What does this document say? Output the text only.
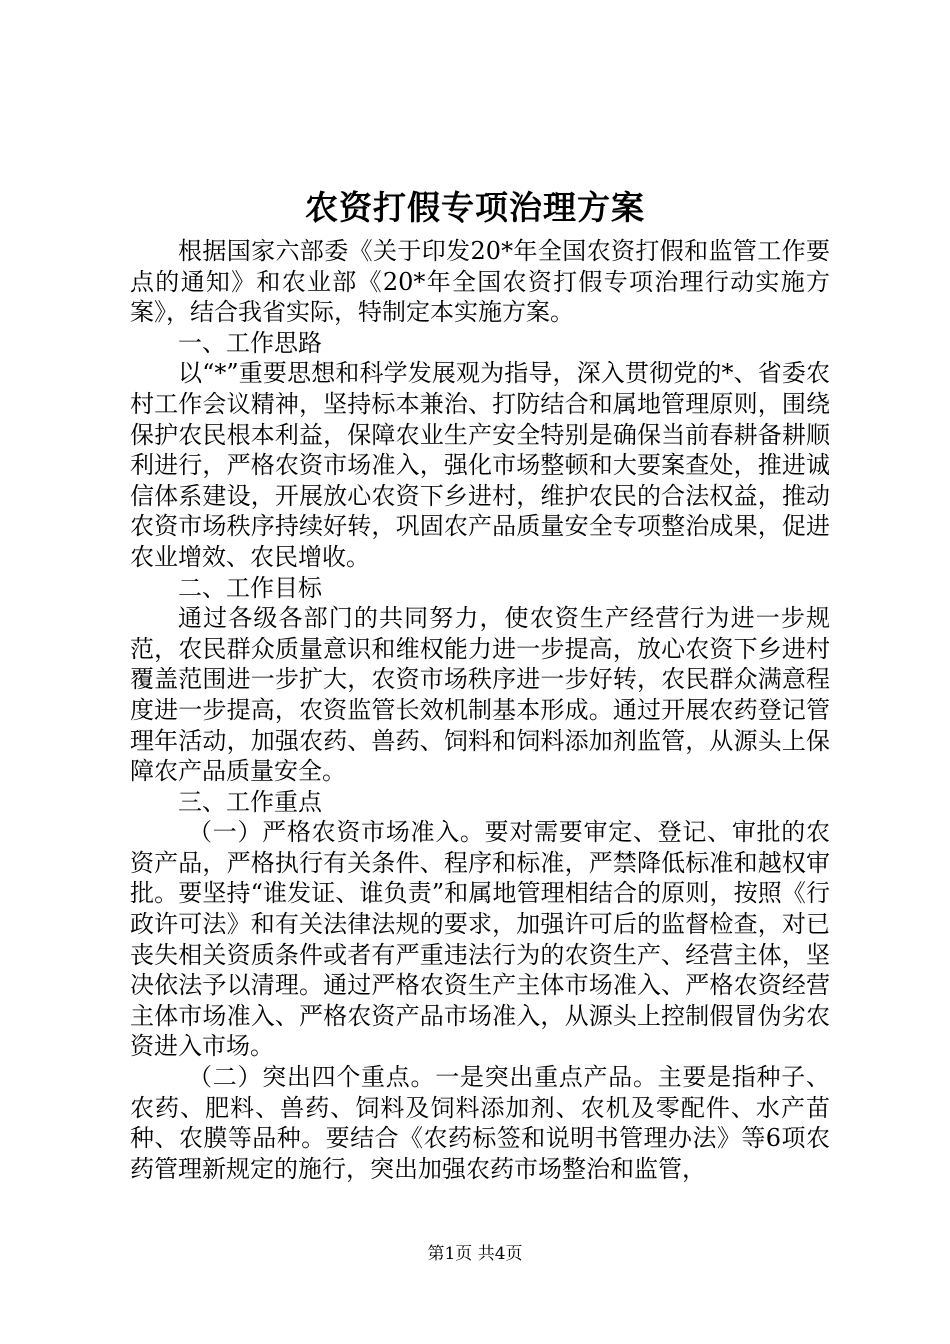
农资打假专项治理方案

根据国家六部委《关于印发20*年全国农资打假和监管工作要点的通知》和农业部《20*年全国农资打假专项治理行动实施方案》，结合我省实际，特制定本实施方案。

一、工作思路

以“*”重要思想和科学发展观为指导，深入贯彻党的*、省委农村工作会议精神，坚持标本兼治、打防结合和属地管理原则，围绕保护农民根本利益，保障农业生产安全特别是确保当前春耕备耕顺利进行，严格农资市场准入，强化市场整顿和大要案查处，推进诚信体系建设，开展放心农资下乡进村，维护农民的合法权益，推动农资市场秩序持续好转，巩固农产品质量安全专项整治成果，促进农业增效、农民增收。

二、工作目标

通过各级各部门的共同努力，使农资生产经营行为进一步规范，农民群众质量意识和维权能力进一步提高，放心农资下乡进村覆盖范围进一步扩大，农资市场秩序进一步好转，农民群众满意程度进一步提高，农资监管长效机制基本形成。通过开展农药登记管理年活动，加强农药、兽药、饲料和饲料添加剂监管，从源头上保障农产品质量安全。

三、工作重点

（一）严格农资市场准入。要对需要审定、登记、审批的农资产品，严格执行有关条件、程序和标准，严禁降低标准和越权审批。要坚持“谁发证、谁负责”和属地管理相结合的原则，按照《行政许可法》和有关法律法规的要求，加强许可后的监督检查，对已丧失相关资质条件或者有严重违法行为的农资生产、经营主体，坚决依法予以清理。通过严格农资生产主体市场准入、严格农资经营主体市场准入、严格农资产品市场准入，从源头上控制假冒伪劣农资进入市场。

（二）突出四个重点。一是突出重点产品。主要是指种子、农药、肥料、兽药、饲料及饲料添加剂、农机及零配件、水产苗种、农膜等品种。要结合《农药标签和说明书管理办法》等6项农药管理新规定的施行，突出加强农药市场整治和监管，

第1页 共4页
